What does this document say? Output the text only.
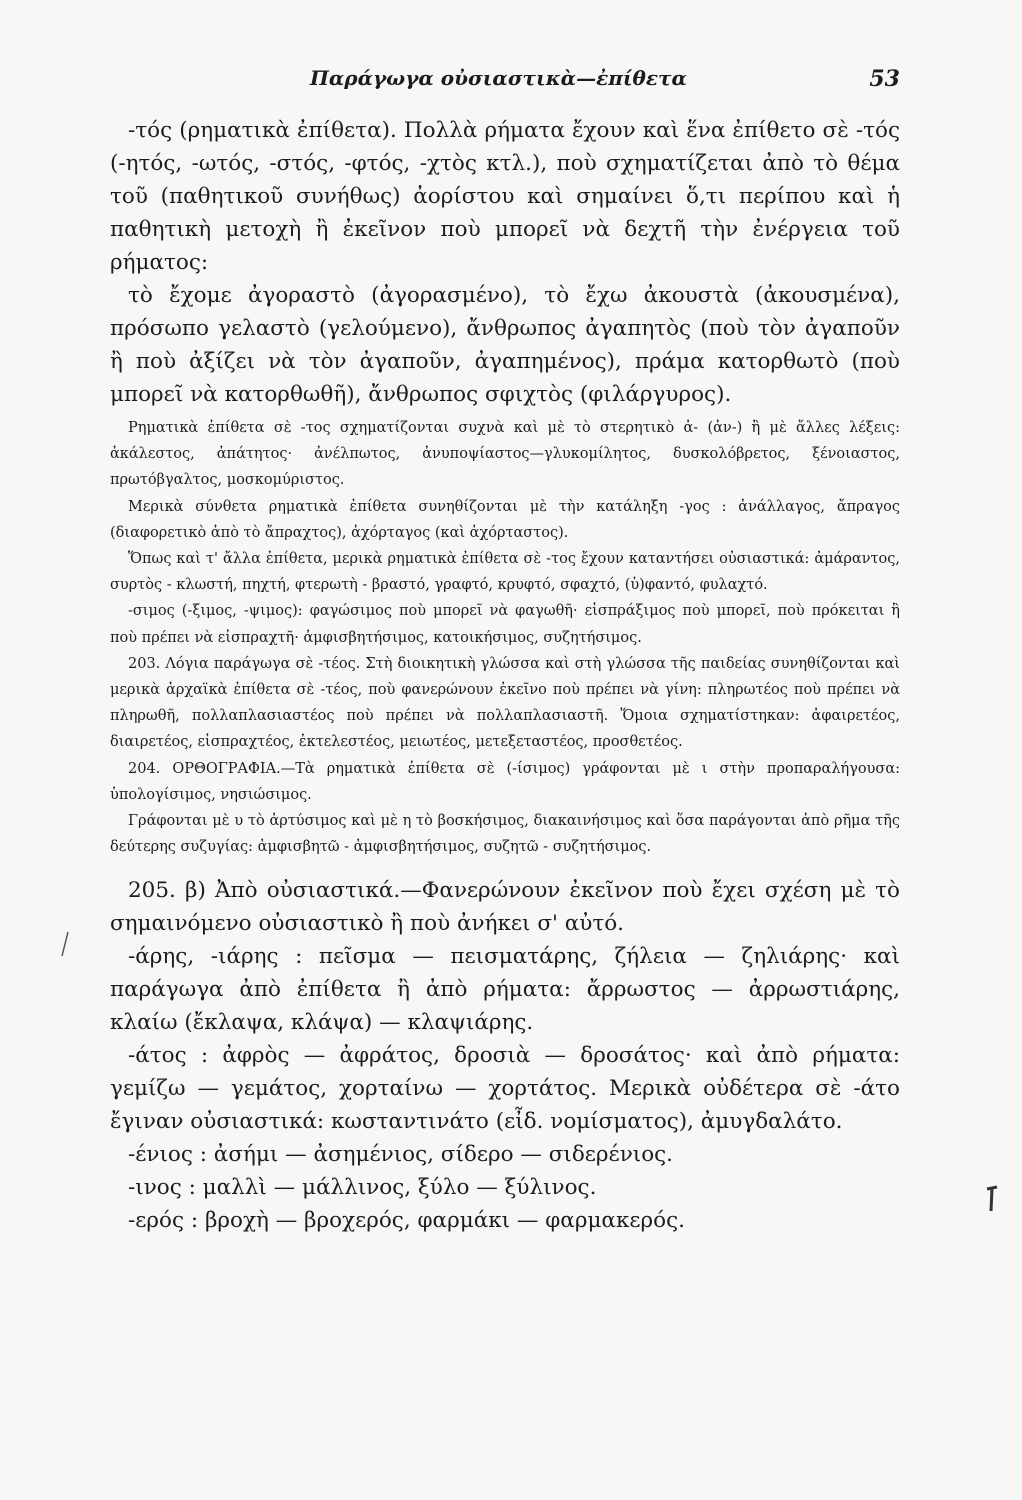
Παράγωγα οὐσιαστικὰ—ἐπίθετα	53

-τός (ρηματικὰ ἐπίθετα). Πολλὰ ρήματα ἔχουν καὶ ἕνα ἐπίθετο σὲ -τός (-ητός, -ωτός, -στός, -φτός, -χτὸς κτλ.), ποὺ σχηματίζεται ἀπὸ τὸ θέμα τοῦ (παθητικοῦ συνήθως) ἀορίστου καὶ σημαίνει ὅ,τι περίπου καὶ ἡ παθητικὴ μετοχὴ ἢ ἐκεῖνον ποὺ μπορεῖ νὰ δεχτῆ τὴν ἐνέργεια τοῦ ρήματος:

τὸ ἔχομε ἀγοραστὸ (ἀγορασμένο), τὸ ἔχω ἀκουστὰ (ἀκουσμένα), πρόσωπο γελαστὸ (γελούμενο), ἄνθρωπος ἀγαπητὸς (ποὺ τὸν ἀγαποῦν ἢ ποὺ ἀξίζει νὰ τὸν ἀγαποῦν, ἀγαπημένος), πράμα κατορθωτὸ (ποὺ μπορεῖ νὰ κατορθωθῆ), ἄνθρωπος σφιχτὸς (φιλάργυρος).

Ρηματικὰ ἐπίθετα σὲ -τος σχηματίζονται συχνὰ καὶ μὲ τὸ στερητικὸ ἀ- (ἀν-) ἢ μὲ ἄλλες λέξεις: ἀκάλεστος, ἀπάτητος· ἀνέλπωτος, ἀνυποψίαστος—γλυκομίλητος, δυσκολόβρετος, ξένοιαστος, πρωτόβγαλτος, μοσκομύριστος.

Μερικὰ σύνθετα ρηματικὰ ἐπίθετα συνηθίζονται μὲ τὴν κατάληξη -γος : ἀνάλλαγος, ἄπραγος (διαφορετικὸ ἀπὸ τὸ ἄπραχτος), ἀχόρταγος (καὶ ἀχόρταστος).

Ὅπως καὶ τ' ἄλλα ἐπίθετα, μερικὰ ρηματικὰ ἐπίθετα σὲ -τος ἔχουν καταντήσει οὐσιαστικά: ἀμάραντος, συρτὸς - κλωστή, πηχτή, φτερωτὴ - βραστό, γραφτό, κρυφτό, σφαχτό, (ὑ)φαντό, φυλαχτό.

-σιμος (-ξιμος, -ψιμος): φαγώσιμος ποὺ μπορεῖ νὰ φαγωθῆ· εἰσπράξιμος ποὺ μπορεῖ, ποὺ πρόκειται ἢ ποὺ πρέπει νὰ εἰσπραχτῆ· ἀμφισβητήσιμος, κατοικήσιμος, συζητήσιμος.

203. Λόγια παράγωγα σὲ -τέος. Στὴ διοικητικὴ γλώσσα καὶ στὴ γλώσσα τῆς παιδείας συνηθίζονται καὶ μερικὰ ἀρχαϊκὰ ἐπίθετα σὲ -τέος, ποὺ φανερώνουν ἐκεῖνο ποὺ πρέπει νὰ γίνη: πληρωτέος ποὺ πρέπει νὰ πληρωθῆ, πολλαπλασιαστέος ποὺ πρέπει νὰ πολλαπλασιαστῆ. Ὅμοια σχηματίστηκαν: ἀφαιρετέος, διαιρετέος, εἰσπραχτέος, ἐκτελεστέος, μειωτέος, μετεξεταστέος, προσθετέος.

204. ΟΡΘΟΓΡΑΦΙΑ.—Τὰ ρηματικὰ ἐπίθετα σὲ (-ίσιμος) γράφονται μὲ ι στὴν προπαραλήγουσα: ὑπολογίσιμος, νησιώσιμος.

Γράφονται μὲ υ τὸ ἀρτύσιμος καὶ μὲ η τὸ βοσκήσιμος, διακαινήσιμος καὶ ὅσα παράγονται ἀπὸ ρῆμα τῆς δεύτερης συζυγίας: ἀμφισβητῶ - ἀμφισβητήσιμος, συζητῶ - συζητήσιμος.

205. β) Ἀπὸ οὐσιαστικά.—Φανερώνουν ἐκεῖνον ποὺ ἔχει σχέση μὲ τὸ σημαινόμενο οὐσιαστικὸ ἢ ποὺ ἀνήκει σ' αὐτό.

-άρης, -ιάρης : πεῖσμα — πεισματάρης, ζήλεια — ζηλιάρης· καὶ παράγωγα ἀπὸ ἐπίθετα ἢ ἀπὸ ρήματα: ἄρρωστος — ἀρρωστιάρης, κλαίω (ἔκλαψα, κλάψα) — κλαψιάρης.

-άτος : ἀφρὸς — ἀφράτος, δροσιὰ — δροσάτος· καὶ ἀπὸ ρήματα: γεμίζω — γεμάτος, χορταίνω — χορτάτος. Μερικὰ οὐδέτερα σὲ -άτο ἔγιναν οὐσιαστικά: κωσταντινάτο (εἶδ. νομίσματος), ἀμυγδαλάτο.

-ένιος : ἀσήμι — ἀσημένιος, σίδερο — σιδερένιος.

-ινος : μαλλὶ — μάλλινος, ξύλο — ξύλινος.

-ερός : βροχὴ — βροχερός, φαρμάκι — φαρμακερός.
